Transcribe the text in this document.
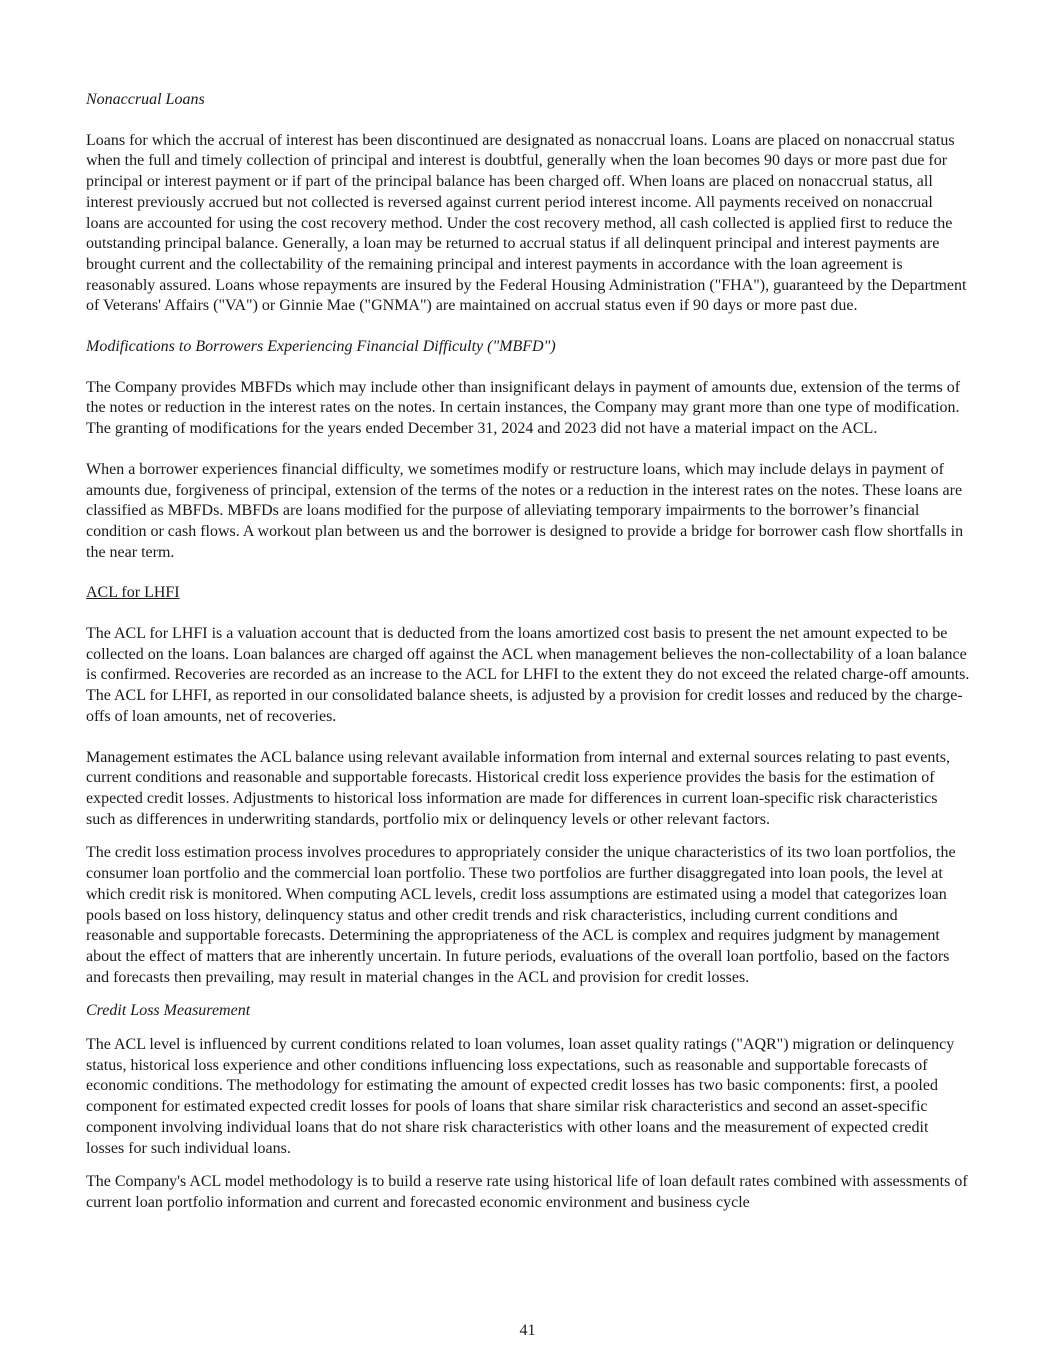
Nonaccrual Loans

Loans for which the accrual of interest has been discontinued are designated as nonaccrual loans. Loans are placed on nonaccrual status when the full and timely collection of principal and interest is doubtful, generally when the loan becomes 90 days or more past due for principal or interest payment or if part of the principal balance has been charged off. When loans are placed on nonaccrual status, all interest previously accrued but not collected is reversed against current period interest income. All payments received on nonaccrual loans are accounted for using the cost recovery method. Under the cost recovery method, all cash collected is applied first to reduce the outstanding principal balance. Generally, a loan may be returned to accrual status if all delinquent principal and interest payments are brought current and the collectability of the remaining principal and interest payments in accordance with the loan agreement is reasonably assured. Loans whose repayments are insured by the Federal Housing Administration ("FHA"), guaranteed by the Department of Veterans' Affairs ("VA") or Ginnie Mae ("GNMA") are maintained on accrual status even if 90 days or more past due.

Modifications to Borrowers Experiencing Financial Difficulty ("MBFD")

The Company provides MBFDs which may include other than insignificant delays in payment of amounts due, extension of the terms of the notes or reduction in the interest rates on the notes. In certain instances, the Company may grant more than one type of modification. The granting of modifications for the years ended December 31, 2024 and 2023 did not have a material impact on the ACL.

When a borrower experiences financial difficulty, we sometimes modify or restructure loans, which may include delays in payment of amounts due, forgiveness of principal, extension of the terms of the notes or a reduction in the interest rates on the notes. These loans are classified as MBFDs. MBFDs are loans modified for the purpose of alleviating temporary impairments to the borrower’s financial condition or cash flows. A workout plan between us and the borrower is designed to provide a bridge for borrower cash flow shortfalls in the near term.

ACL for LHFI

The ACL for LHFI is a valuation account that is deducted from the loans amortized cost basis to present the net amount expected to be collected on the loans. Loan balances are charged off against the ACL when management believes the non-collectability of a loan balance is confirmed. Recoveries are recorded as an increase to the ACL for LHFI to the extent they do not exceed the related charge-off amounts. The ACL for LHFI, as reported in our consolidated balance sheets, is adjusted by a provision for credit losses and reduced by the charge-offs of loan amounts, net of recoveries.

Management estimates the ACL balance using relevant available information from internal and external sources relating to past events, current conditions and reasonable and supportable forecasts. Historical credit loss experience provides the basis for the estimation of expected credit losses. Adjustments to historical loss information are made for differences in current loan-specific risk characteristics such as differences in underwriting standards, portfolio mix or delinquency levels or other relevant factors.

The credit loss estimation process involves procedures to appropriately consider the unique characteristics of its two loan portfolios, the consumer loan portfolio and the commercial loan portfolio. These two portfolios are further disaggregated into loan pools, the level at which credit risk is monitored. When computing ACL levels, credit loss assumptions are estimated using a model that categorizes loan pools based on loss history, delinquency status and other credit trends and risk characteristics, including current conditions and reasonable and supportable forecasts. Determining the appropriateness of the ACL is complex and requires judgment by management about the effect of matters that are inherently uncertain. In future periods, evaluations of the overall loan portfolio, based on the factors and forecasts then prevailing, may result in material changes in the ACL and provision for credit losses.

Credit Loss Measurement

The ACL level is influenced by current conditions related to loan volumes, loan asset quality ratings ("AQR") migration or delinquency status, historical loss experience and other conditions influencing loss expectations, such as reasonable and supportable forecasts of economic conditions. The methodology for estimating the amount of expected credit losses has two basic components: first, a pooled component for estimated expected credit losses for pools of loans that share similar risk characteristics and second an asset-specific component involving individual loans that do not share risk characteristics with other loans and the measurement of expected credit losses for such individual loans.

The Company's ACL model methodology is to build a reserve rate using historical life of loan default rates combined with assessments of current loan portfolio information and current and forecasted economic environment and business cycle

41
